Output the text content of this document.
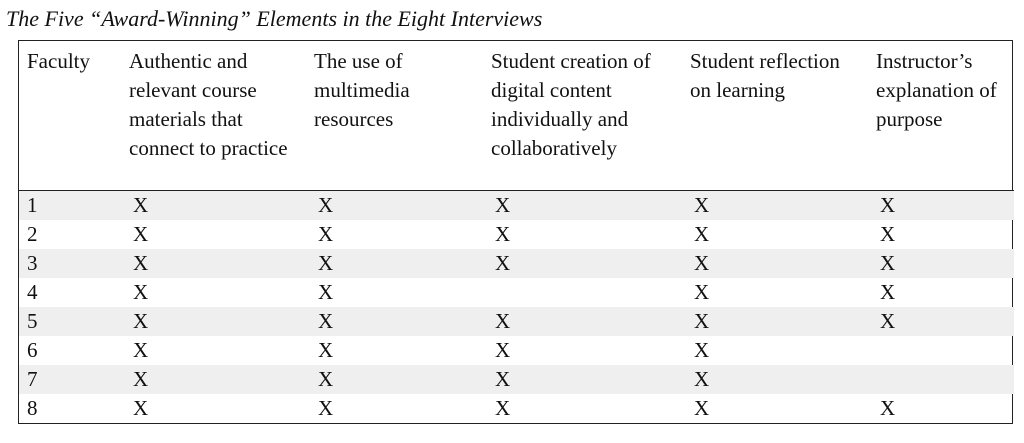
The Five “Award-Winning” Elements in the Eight Interviews
Faculty	Authentic and relevant course materials that connect to practice	The use of multimedia resources	Student creation of digital content individually and collaboratively	Student reflection on learning	Instructor’s explanation of purpose
1	X	X	X	X	X
2	X	X	X	X	X
3	X	X	X	X	X
4	X	X		X	X
5	X	X	X	X	X
6	X	X	X	X	
7	X	X	X	X	
8	X	X	X	X	X
